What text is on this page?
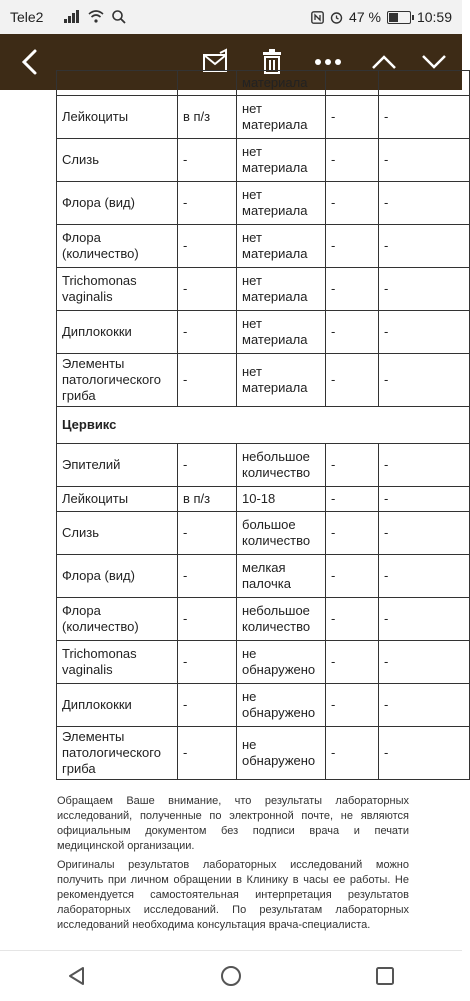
Tele2	47 %	10:59
		материала		
Лейкоциты	в п/з	нет материала	-	-
Слизь	-	нет материала	-	-
Флора (вид)	-	нет материала	-	-
Флора (количество)	-	нет материала	-	-
Trichomonas vaginalis	-	нет материала	-	-
Диплококки	-	нет материала	-	-
Элементы патологического гриба	-	нет материала	-	-
Цервикс				
Эпителий	-	небольшое количество	-	-
Лейкоциты	в п/з	10-18	-	-
Слизь	-	большое количество	-	-
Флора (вид)	-	мелкая палочка	-	-
Флора (количество)	-	небольшое количество	-	-
Trichomonas vaginalis	-	не обнаружено	-	-
Диплококки	-	не обнаружено	-	-
Элементы патологического гриба	-	не обнаружено	-	-

Обращаем Ваше внимание, что результаты лабораторных исследований, полученные по электронной почте, не являются официальным документом без подписи врача и печати медицинской организации.

Оригиналы результатов лабораторных исследований можно получить при личном обращении в Клинику в часы ее работы. Не рекомендуется самостоятельная интерпретация результатов лабораторных исследований. По результатам лабораторных исследований необходима консультация врача-специалиста.
